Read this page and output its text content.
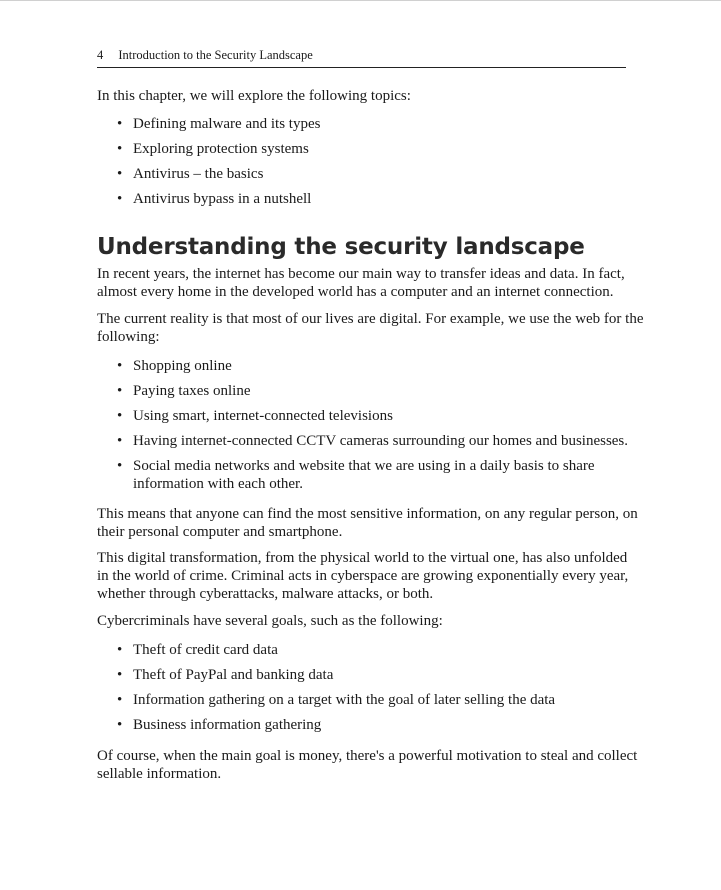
4 Introduction to the Security Landscape
In this chapter, we will explore the following topics:
Understanding the security landscape
• Defining malware and its types
• Exploring protection systems
• Antivirus – the basics
• Antivirus bypass in a nutshell
In recent years, the internet has become our main way to transfer ideas and data. In fact,
almost every home in the developed world has a computer and an internet connection.
The current reality is that most of our lives are digital. For example, we use the web for the
following:
• Shopping online
• Paying taxes online
• Using smart, internet-connected televisions
• Having internet-connected CCTV cameras surrounding our homes and businesses.
• Social media networks and website that we are using in a daily basis to share
information with each other.
This means that anyone can find the most sensitive information, on any regular person, on
their personal computer and smartphone.
This digital transformation, from the physical world to the virtual one, has also unfolded
in the world of crime. Criminal acts in cyberspace are growing exponentially every year,
whether through cyberattacks, malware attacks, or both.
Cybercriminals have several goals, such as the following:
• Theft of credit card data
• Theft of PayPal and banking data
• Information gathering on a target with the goal of later selling the data
• Business information gathering
Of course, when the main goal is money, there's a powerful motivation to steal and collect
sellable information.
